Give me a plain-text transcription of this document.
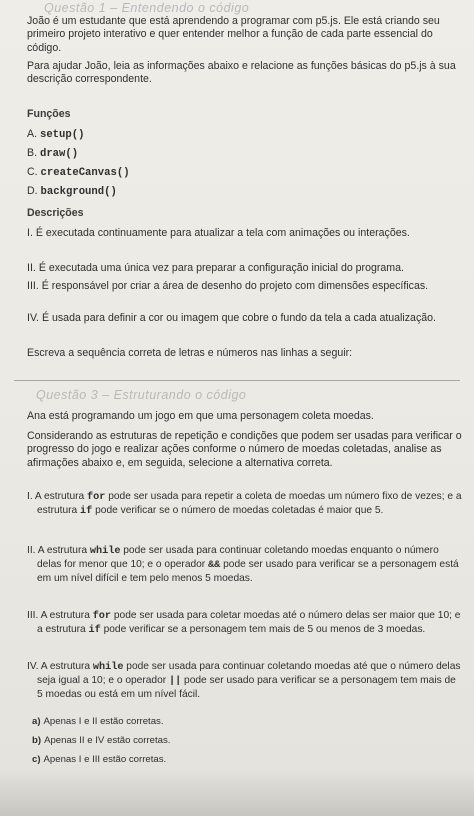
Questão 1 – Entendendo o código
João é um estudante que está aprendendo a programar com p5.js. Ele está criando seu primeiro projeto interativo e quer entender melhor a função de cada parte essencial do código.
Para ajudar João, leia as informações abaixo e relacione as funções básicas do p5.js à sua descrição correspondente.
Funções
A. setup()
B. draw()
C. createCanvas()
D. background()
Descrições
I. É executada continuamente para atualizar a tela com animações ou interações.
II. É executada uma única vez para preparar a configuração inicial do programa.
III. É responsável por criar a área de desenho do projeto com dimensões específicas.
IV. É usada para definir a cor ou imagem que cobre o fundo da tela a cada atualização.
Escreva a sequência correta de letras e números nas linhas a seguir:
Questão 3 – Estruturando o código
Ana está programando um jogo em que uma personagem coleta moedas.
Considerando as estruturas de repetição e condições que podem ser usadas para verificar o progresso do jogo e realizar ações conforme o número de moedas coletadas, analise as afirmações abaixo e, em seguida, selecione a alternativa correta.
I. A estrutura for pode ser usada para repetir a coleta de moedas um número fixo de vezes; e a estrutura if pode verificar se o número de moedas coletadas é maior que 5.
II. A estrutura while pode ser usada para continuar coletando moedas enquanto o número delas for menor que 10; e o operador && pode ser usado para verificar se a personagem está em um nível difícil e tem pelo menos 5 moedas.
III. A estrutura for pode ser usada para coletar moedas até o número delas ser maior que 10; e a estrutura if pode verificar se a personagem tem mais de 5 ou menos de 3 moedas.
IV. A estrutura while pode ser usada para continuar coletando moedas até que o número delas seja igual a 10; e o operador || pode ser usado para verificar se a personagem tem mais de 5 moedas ou está em um nível fácil.
a) Apenas I e II estão corretas.
b) Apenas II e IV estão corretas.
c) Apenas I e III estão corretas.
